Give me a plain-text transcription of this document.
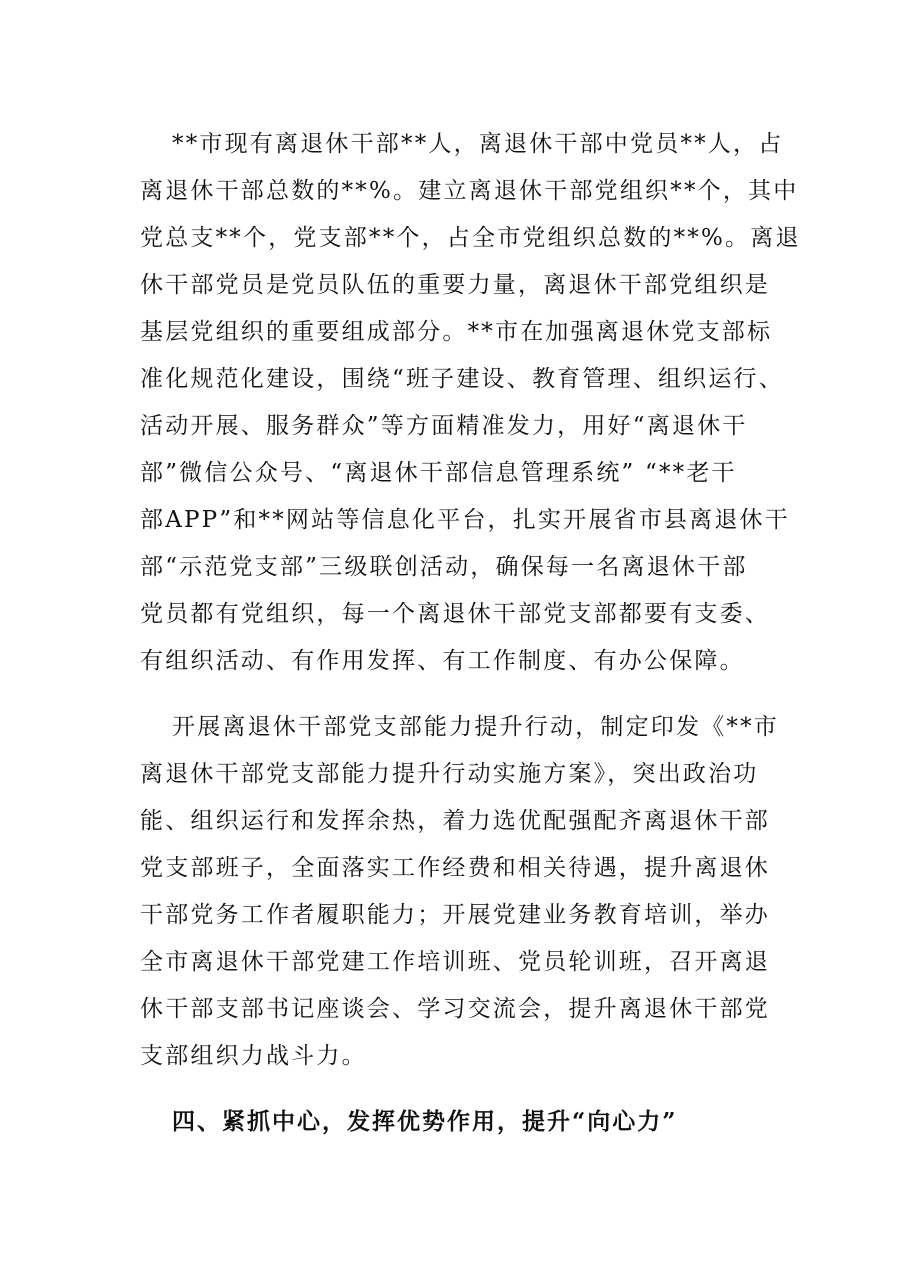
**市现有离退休干部**人，离退休干部中党员**人，占
离退休干部总数的**%。建立离退休干部党组织**个，其中
党总支**个，党支部**个，占全市党组织总数的**%。离退
休干部党员是党员队伍的重要力量，离退休干部党组织是
基层党组织的重要组成部分。**市在加强离退休党支部标
准化规范化建设，围绕“班子建设、教育管理、组织运行、
活动开展、服务群众”等方面精准发力，用好“离退休干
部”微信公众号、“离退休干部信息管理系统” “**老干
部APP”和**网站等信息化平台，扎实开展省市县离退休干
部“示范党支部”三级联创活动，确保每一名离退休干部
党员都有党组织，每一个离退休干部党支部都要有支委、
有组织活动、有作用发挥、有工作制度、有办公保障。
开展离退休干部党支部能力提升行动，制定印发《**市
离退休干部党支部能力提升行动实施方案》，突出政治功
能、组织运行和发挥余热，着力选优配强配齐离退休干部
党支部班子，全面落实工作经费和相关待遇，提升离退休
干部党务工作者履职能力；开展党建业务教育培训，举办
全市离退休干部党建工作培训班、党员轮训班，召开离退
休干部支部书记座谈会、学习交流会，提升离退休干部党
支部组织力战斗力。
四、紧抓中心，发挥优势作用，提升“向心力”
